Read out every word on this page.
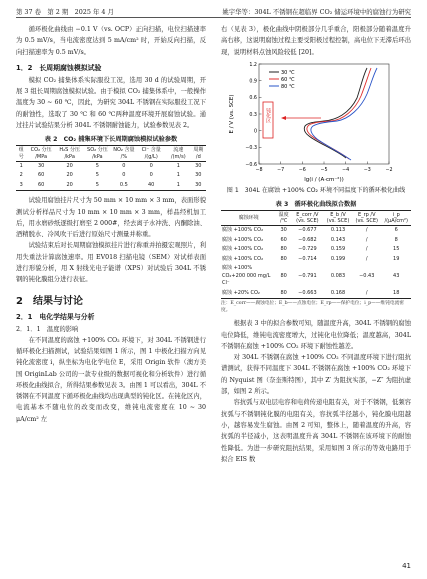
第 37 卷　第 2 期　2025 年 4 月	姚宇华等：304L 不锈钢在超临界 CO₂ 储运环境中的腐蚀行为研究

循环极化曲线由 −0.1 V（vs. OCP）正向扫描，电位扫描速率为 0.5 mV/s，当电流密度达到 5 mA/cm² 时，开始反向扫描，反向扫描速率为 0.5 mV/s。

1．2　长周期腐蚀模拟试验

模拟 CO₂ 捕集体系实际服役工况，选用 30 d 的试验周期，开展 3 组长周期腐蚀模拟试验。由于模拟 CO₂ 捕集体系中，一般操作温度为 30 ~ 60 ℃，因此，为研究 304L 不锈钢在实际服役工况下的耐蚀性，选取了 30 ℃ 和 60 ℃两种温度环境开展腐蚀试验。通过挂片试验结果分析 304L 不锈钢耐蚀能力，试验参数见表 2。

表 2　CO₂ 捕集环境下长周期腐蚀模拟试验参数
组号	CO₂ 分压 /MPa	H₂S 分压 /kPa	SO₂ 分压 /kPa	NO₂ 含量 /%	Cl⁻ 含量 /(g/L)	流速 /(m/s)	周期 /d
1	30	20	5	0	0	1	30
2	60	20	5	0	0	1	30
3	60	20	5	0.5	40	1	30

试验用腐蚀挂片尺寸为 50 mm × 10 mm × 3 mm，表面形貌测试分析样品尺寸为 10 mm × 10 mm × 3 mm，样品经机加工后，用水磨砂纸逐级打磨至 2 000#，经去离子水冲洗、内酮除油、酒精脱水、冷风吹干后进行原始尺寸测量并称重。

试验结束后对长周期腐蚀模拟挂片进行称重并拍摄宏观照片，利用失重法计算腐蚀速率。用 EV018 扫描电镜（SEM）对试样表面进行形貌分析，用 X 射线光电子能谱（XPS）对试验后 304L 不锈钢的钝化膜组分进行表征。

2　结果与讨论
2．1　电化学结果与分析
2．1．1　温度的影响

在不同温度的腐蚀 +100% CO₂ 环境下，对 304L 不锈钢进行循环极化扫描测试，试验结果如图 1 所示，图 1 中极化扫描方向见钝化流密度 i，纵坐标为电化学电位 E，采用 Origin 软件（澳方美国 OriginLab 公司的一款专业级的数据可视化和分析软件）进行循环极化曲线拟合，所得结果参数见表 3。由图 1 可以看出，304L 不锈钢在不同温度下循环极化曲线均出现典型的钝化区。在钝化区内，电流基本不随电位的改变而改变，维钝电流密度在 10 ~ 30 μA/cm² 左

右（见表 3），极化曲线中阴极部分几乎重合，阳极部分随着温度升高右移，这说明腐蚀过程主要受阳极过程控制，高电位下无滞后环出现，说明材料点蚀风险较低 [20]。

1.2
0.9
0.6
0.3
0
−0.3
−0.6
−8	−7	−6	−5	−4	−3	−2
E / V (vs. SCE)
lg(i / (A·cm⁻²))
钝化区
30 ℃
60 ℃
80 ℃
图 1　304L 在腐蚀 +100% CO₂ 环境不同温度下的循环极化曲线
表 3　循环极化曲线拟合数据
腐蚀环境	温度 /℃	E_corr /V (vs. SCE)	E_b /V (vs. SCE)	E_rp /V (vs. SCE)	i_p /(μA/cm²)
腐蚀 +100% CO₂	30	−0.677	0.113	/	6
腐蚀 +100% CO₂	60	−0.682	0.143	/	8
腐蚀 +100% CO₂	80	−0.729	0.159	/	15
腐蚀 +100% CO₂	80	−0.714	0.199	/	19
腐蚀 +100% CO₂+200 000 mg/L Cl⁻	80	−0.791	0.083	−0.43	43
腐蚀 +20% CO₂	80	−0.663	0.168	/	18
注：E_corr——腐蚀电位；E_b——点蚀电位；E_rp——保护电位；i_p——维钝电流密度。

根据表 3 中的拟合参数可知，随温度升高，304L 不锈钢的腐蚀电位降低，维钝电流密度增大，过钝化电位降低；温度越高，304L 不锈钢在腐蚀 +100% CO₂ 环境下耐蚀性越差。

对 304L 不锈钢在腐蚀 +100% CO₂ 不同温度环境下进行阻抗谱测试，获得不同温度下 304L 不锈钢在腐蚀 +100% CO₂ 环境下的 Nyquist 图（奈奎斯特图），其中 Z′ 为阻抗实部，−Z″ 为阻抗虚部，如图 2 所示。

容抗弧与双电层电容和电荷传递电阻有关，对于不锈钢，低频容抗弧与不锈钢钝化膜的电阻有关，容抗弧半径越小，钝化膜电阻越小，越容易发生腐蚀。由图 2 可知，整体上，随着温度的升高，容抗弧的半径减小，这表明温度升高 304L 不锈钢在该环境下的耐蚀性降低。为进一步研究阻抗结果，采用如图 3 所示的等效电路用于拟合 EIS 数

41
